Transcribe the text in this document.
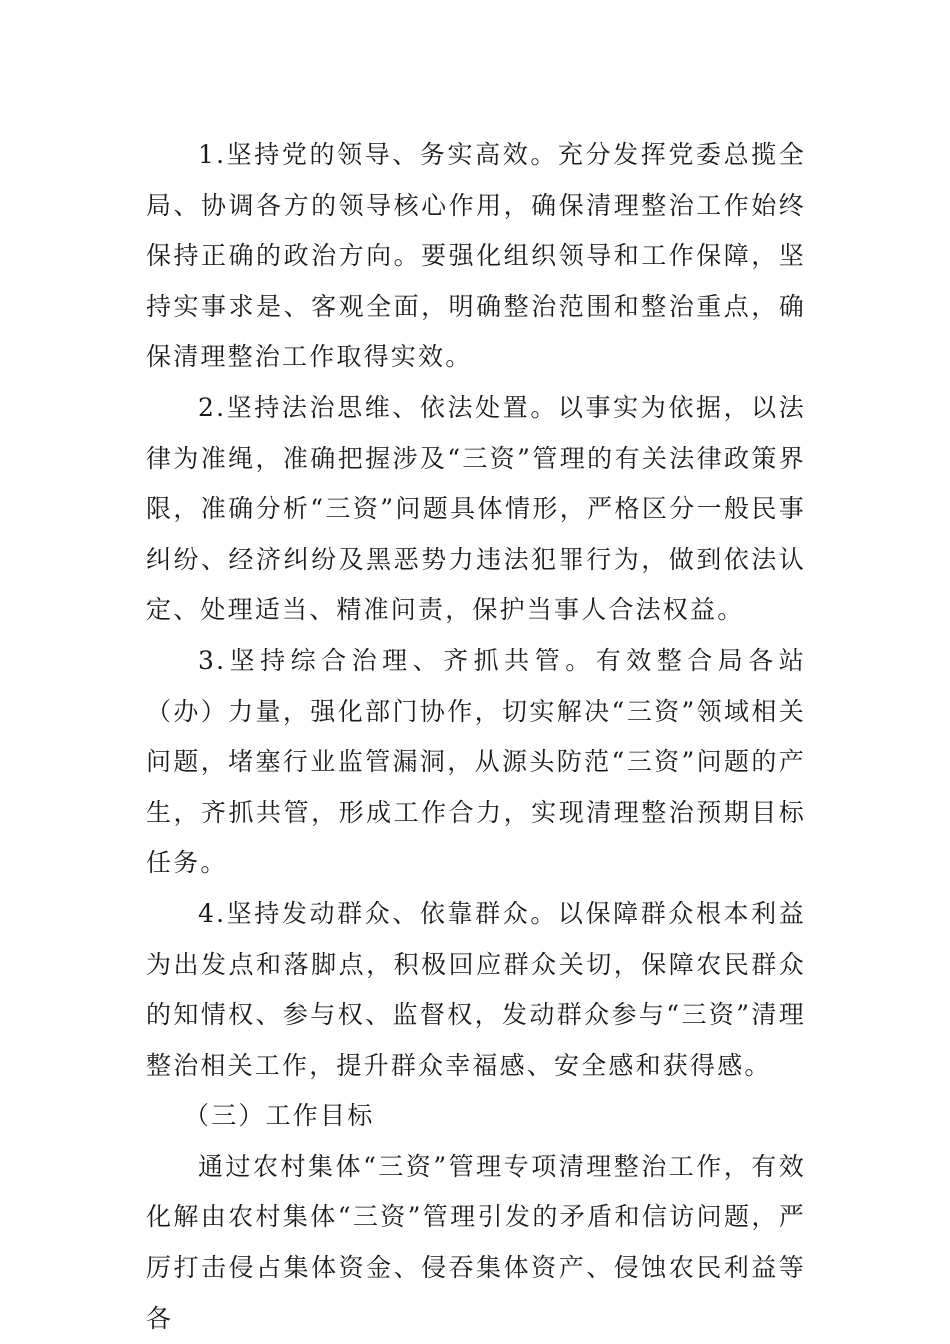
1.坚持党的领导、务实高效。充分发挥党委总揽全局、协调各方的领导核心作用，确保清理整治工作始终保持正确的政治方向。要强化组织领导和工作保障，坚持实事求是、客观全面，明确整治范围和整治重点，确保清理整治工作取得实效。

2.坚持法治思维、依法处置。以事实为依据，以法律为准绳，准确把握涉及“三资”管理的有关法律政策界限，准确分析“三资”问题具体情形，严格区分一般民事纠纷、经济纠纷及黑恶势力违法犯罪行为，做到依法认定、处理适当、精准问责，保护当事人合法权益。

3.坚持综合治理、齐抓共管。有效整合局各站（办）力量，强化部门协作，切实解决“三资”领域相关问题，堵塞行业监管漏洞，从源头防范“三资”问题的产生，齐抓共管，形成工作合力，实现清理整治预期目标任务。

4.坚持发动群众、依靠群众。以保障群众根本利益为出发点和落脚点，积极回应群众关切，保障农民群众的知情权、参与权、监督权，发动群众参与“三资”清理整治相关工作，提升群众幸福感、安全感和获得感。

（三）工作目标

通过农村集体“三资”管理专项清理整治工作，有效化解由农村集体“三资”管理引发的矛盾和信访问题，严厉打击侵占集体资金、侵吞集体资产、侵蚀农民利益等各
